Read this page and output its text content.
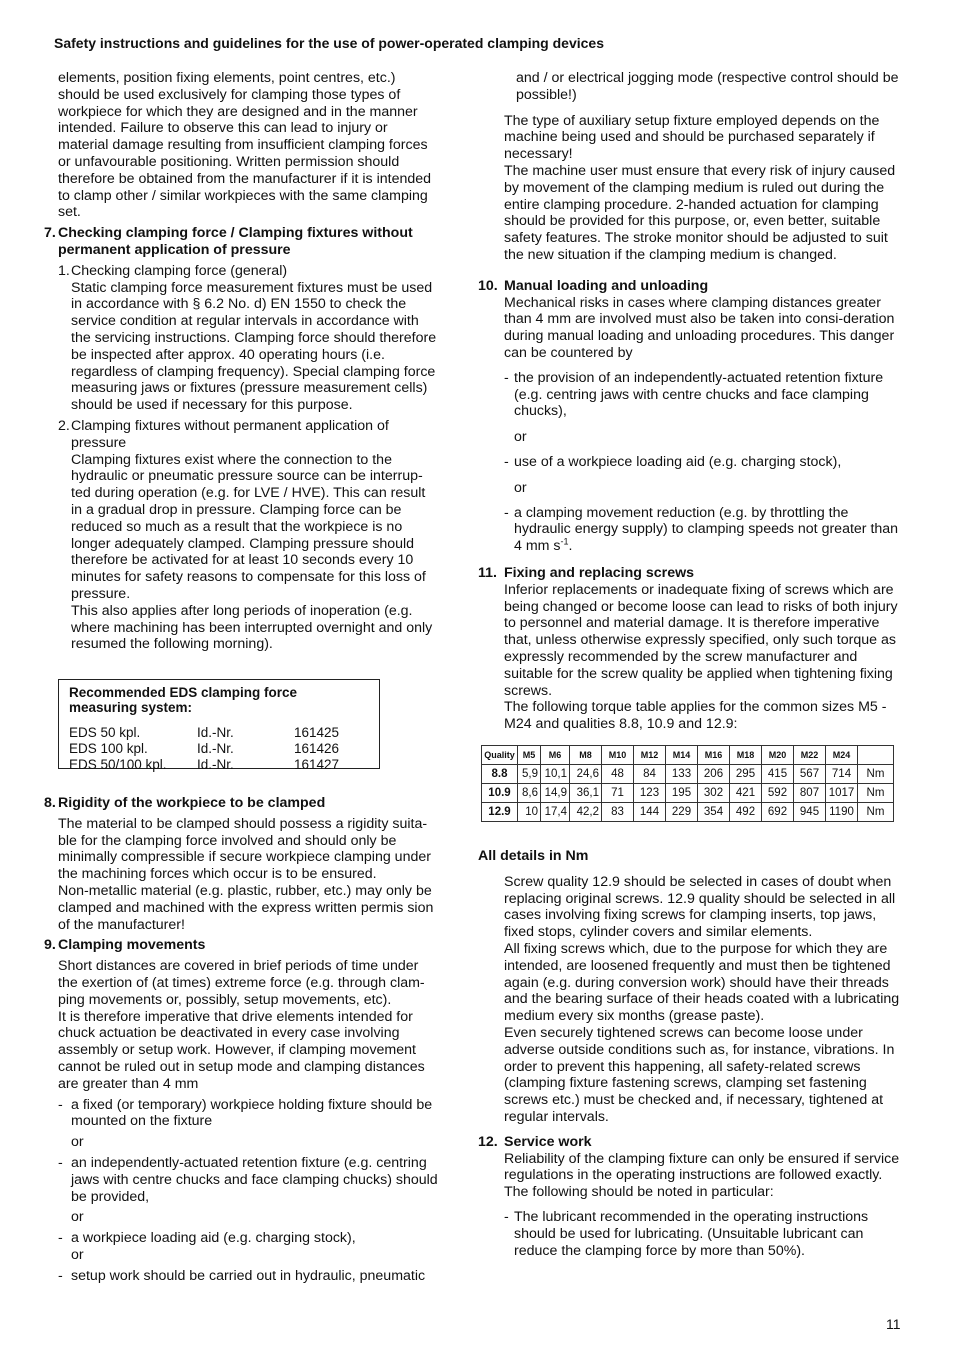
Safety instructions and guidelines for the use of power-operated clamping devices

elements, position fixing elements, point centres, etc.) should be used exclusively for clamping those types of workpiece for which they are designed and in the manner intended. Failure to observe this can lead to injury or material damage resulting from insufficient clamping forces or unfavourable positioning. Written permission should therefore be obtained from the manufacturer if it is intended to clamp other / similar workpieces with the same clamping set.

7. Checking clamping force / Clamping fixtures without permanent application of pressure
1. Checking clamping force (general)

Static clamping force measurement fixtures must be used in accordance with § 6.2 No. d) EN 1550 to check the service condition at regular intervals in accordance with the servicing instructions. Clamping force should therefore be inspected after approx. 40 operating hours (i.e. regardless of clamping frequency). Special clamping force measuring jaws or fixtures (pressure measurement cells) should be used if necessary for this purpose.

2. Clamping fixtures without permanent application of pressure

Clamping fixtures exist where the connection to the hydraulic or pneumatic pressure source can be interrup-ted during operation (e.g. for LVE / HVE). This can result in a gradual drop in pressure. Clamping force can be reduced so much as a result that the workpiece is no longer adequately clamped. Clamping pressure should therefore be activated for at least 10 seconds every 10 minutes for safety reasons to compensate for this loss of pressure.

This also applies after long periods of inoperation (e.g. where machining has been interrupted overnight and only resumed the following morning).

Recommended EDS clamping force measuring system:
EDS 50 kpl.	Id.-Nr.	161425
EDS 100 kpl.	Id.-Nr.	161426
EDS 50/100 kpl.	Id.-Nr.	161427
8. Rigidity of the workpiece to be clamped

The material to be clamped should possess a rigidity suita-ble for the clamping force involved and should only be minimally compressible if secure workpiece clamping under the machining forces which occur is to be ensured. Non‑metallic material (e.g. plastic, rubber, etc.) may only be clamped and machined with the express written permis sion of the manufacturer!

9. Clamping movements

Short distances are covered in brief periods of time under the exertion of (at times) extreme force (e.g. through clam-ping movements or, possibly, setup movements, etc).

It is therefore imperative that drive elements intended for chuck actuation be deactivated in every case involving assembly or setup work. However, if clamping movement cannot be ruled out in setup mode and clamping distances are greater than 4 mm

- a fixed (or temporary) workpiece holding fixture should be mounted on the fixture
or
- an independently-actuated retention fixture (e.g. centring jaws with centre chucks and face clamping chucks) should be provided,
or
- a workpiece loading aid (e.g. charging stock),
or
- setup work should be carried out in hydraulic, pneumatic

and / or electrical jogging mode (respective control should be possible!)

The type of auxiliary setup fixture employed depends on the machine being used and should be purchased separately if necessary!

The machine user must ensure that every risk of injury caused by movement of the clamping medium is ruled out during the entire clamping procedure. 2-handed actuation for clamping should be provided for this purpose, or, even better, suitable safety features. The stroke monitor should be adjusted to suit the new situation if the clamping medium is changed.

10. Manual loading and unloading

Mechanical risks in cases where clamping distances greater than 4 mm are involved must also be taken into consi-deration during manual loading and unloading procedures. This danger can be countered by

- the provision of an independently-actuated retention fixture (e.g. centring jaws with centre chucks and face clamping chucks),
or
- use of a workpiece loading aid (e.g. charging stock),
or
- a clamping movement reduction (e.g. by throttling the hydraulic energy supply) to clamping speeds not greater than 4 mm $s^{-1}$.
11. Fixing and replacing screws

Inferior replacements or inadequate fixing of screws which are being changed or become loose can lead to risks of both injury to personnel and material damage. It is therefore imperative that, unless otherwise expressly specified, only such torque as expressly recommended by the screw manufacturer and suitable for the screw quality be applied when tightening fixing screws.

The following torque table applies for the common sizes M5 - M24 and qualities 8.8, 10.9 and 12.9:

Quality	M5	M6	M8	M10	M12	M14	M16	M18	M20	M22	M24	
8.8	5,9	10,1	24,6	48	84	133	206	295	415	567	714	Nm
10.9	8,6	14,9	36,1	71	123	195	302	421	592	807	1017	Nm
12.9	10	17,4	42,2	83	144	229	354	492	692	945	1190	Nm
All details in Nm

Screw quality 12.9 should be selected in cases of doubt when replacing original screws. 12.9 quality should be selected in all cases involving fixing screws for clamping inserts, top jaws, fixed stops, cylinder covers and similar elements.

All fixing screws which, due to the purpose for which they are intended, are loosened frequently and must then be tightened again (e.g. during conversion work) should have their threads and the bearing surface of their heads coated with a lubricating medium every six months (grease paste).

Even securely tightened screws can become loose under adverse outside conditions such as, for instance, vibrations. In order to prevent this happening, all safety-related screws (clamping fixture fastening screws, clamping set fastening screws etc.) must be checked and, if necessary, tightened at regular intervals.

12. Service work

Reliability of the clamping fixture can only be ensured if service regulations in the operating instructions are followed exactly. The following should be noted in particular:

- The lubricant recommended in the operating instructions should be used for lubricating. (Unsuitable lubricant can reduce the clamping force by more than 50%).
11
